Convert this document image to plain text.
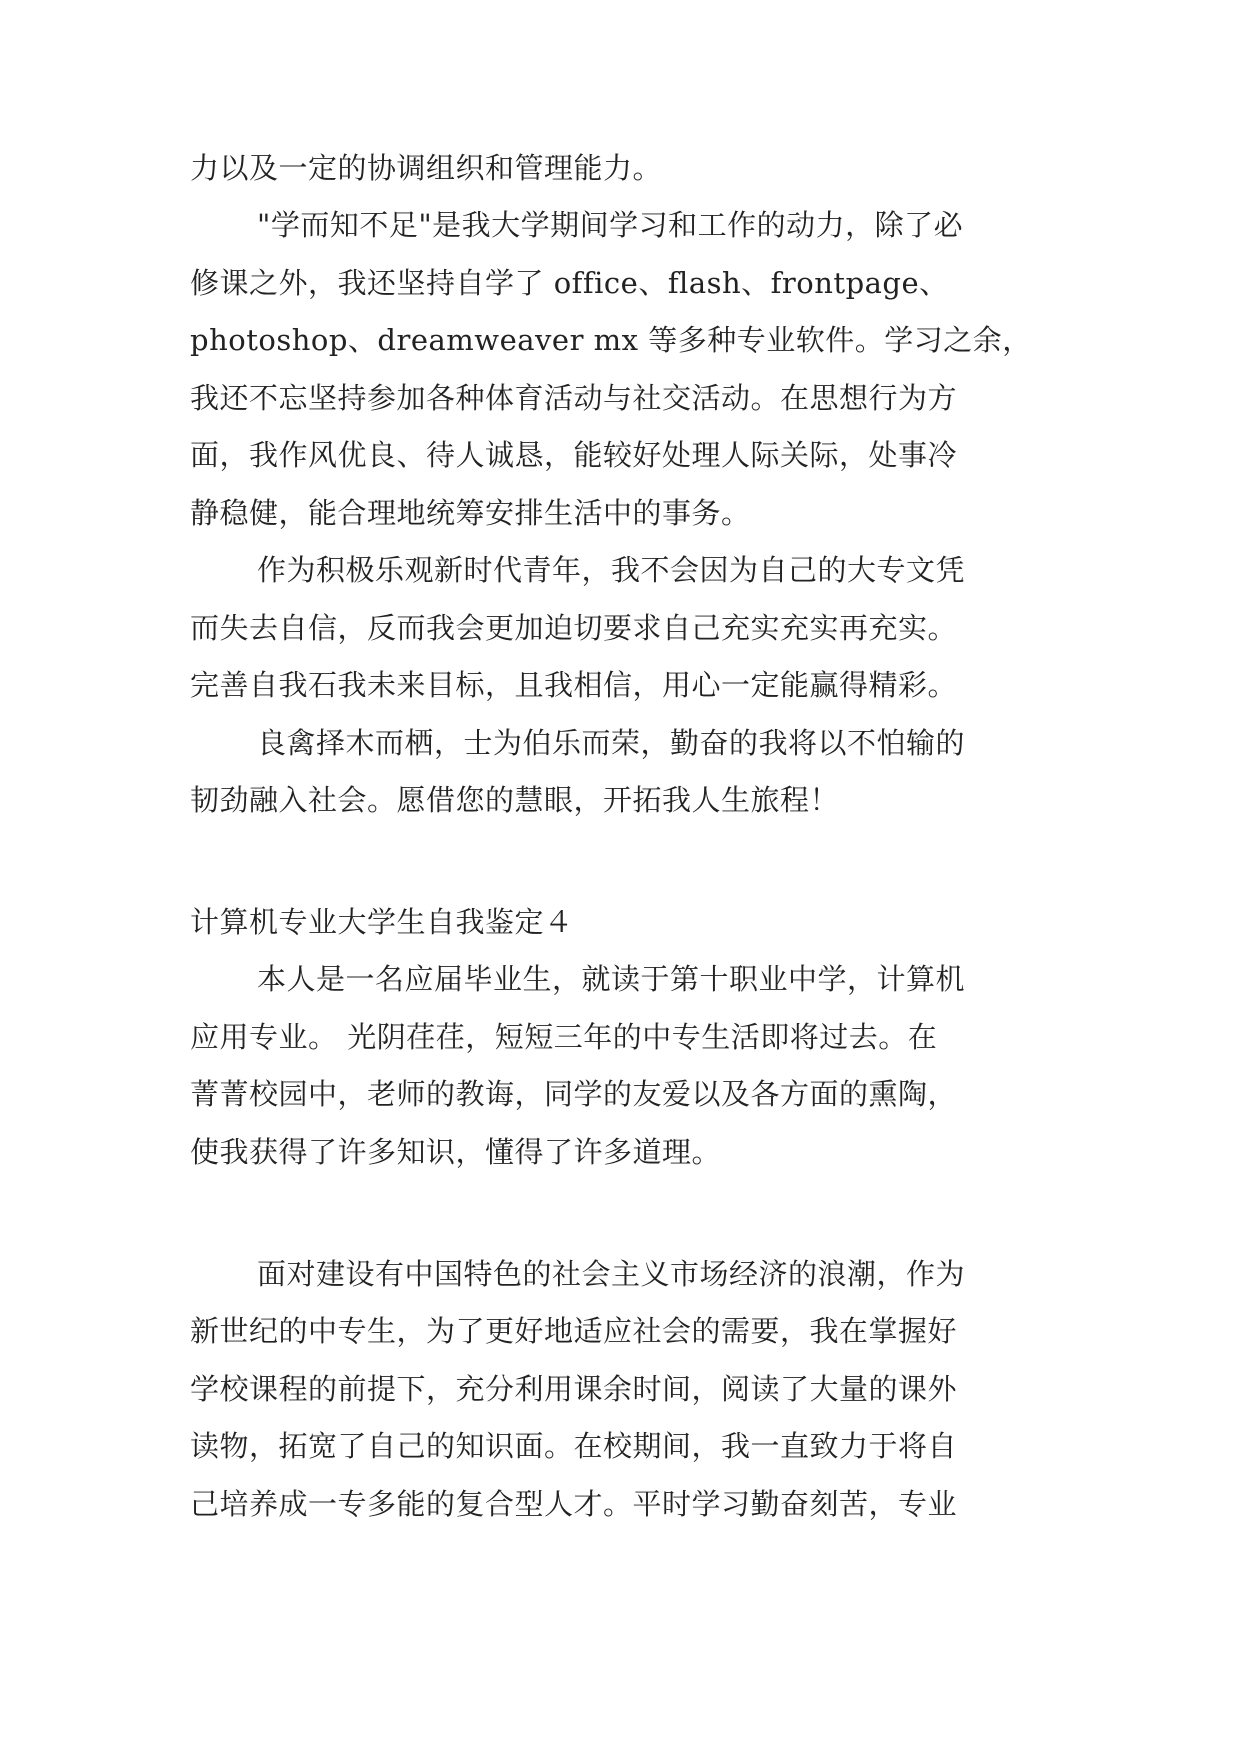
力以及一定的协调组织和管理能力。
"学而知不足"是我大学期间学习和工作的动力，除了必
修课之外，我还坚持自学了 office、flash、frontpage、
photoshop、dreamweaver mx 等多种专业软件。学习之余，
我还不忘坚持参加各种体育活动与社交活动。在思想行为方
面，我作风优良、待人诚恳，能较好处理人际关际，处事冷
静稳健，能合理地统筹安排生活中的事务。
作为积极乐观新时代青年，我不会因为自己的大专文凭
而失去自信，反而我会更加迫切要求自己充实充实再充实。
完善自我石我未来目标，且我相信，用心一定能赢得精彩。
良禽择木而栖，士为伯乐而荣，勤奋的我将以不怕输的
韧劲融入社会。愿借您的慧眼，开拓我人生旅程！
计算机专业大学生自我鉴定４
本人是一名应届毕业生，就读于第十职业中学，计算机
应用专业。 光阴荏荏，短短三年的中专生活即将过去。在
菁菁校园中，老师的教诲，同学的友爱以及各方面的熏陶，
使我获得了许多知识，懂得了许多道理。
面对建设有中国特色的社会主义市场经济的浪潮，作为
新世纪的中专生，为了更好地适应社会的需要，我在掌握好
学校课程的前提下，充分利用课余时间，阅读了大量的课外
读物，拓宽了自己的知识面。在校期间，我一直致力于将自
己培养成一专多能的复合型人才。平时学习勤奋刻苦，专业
